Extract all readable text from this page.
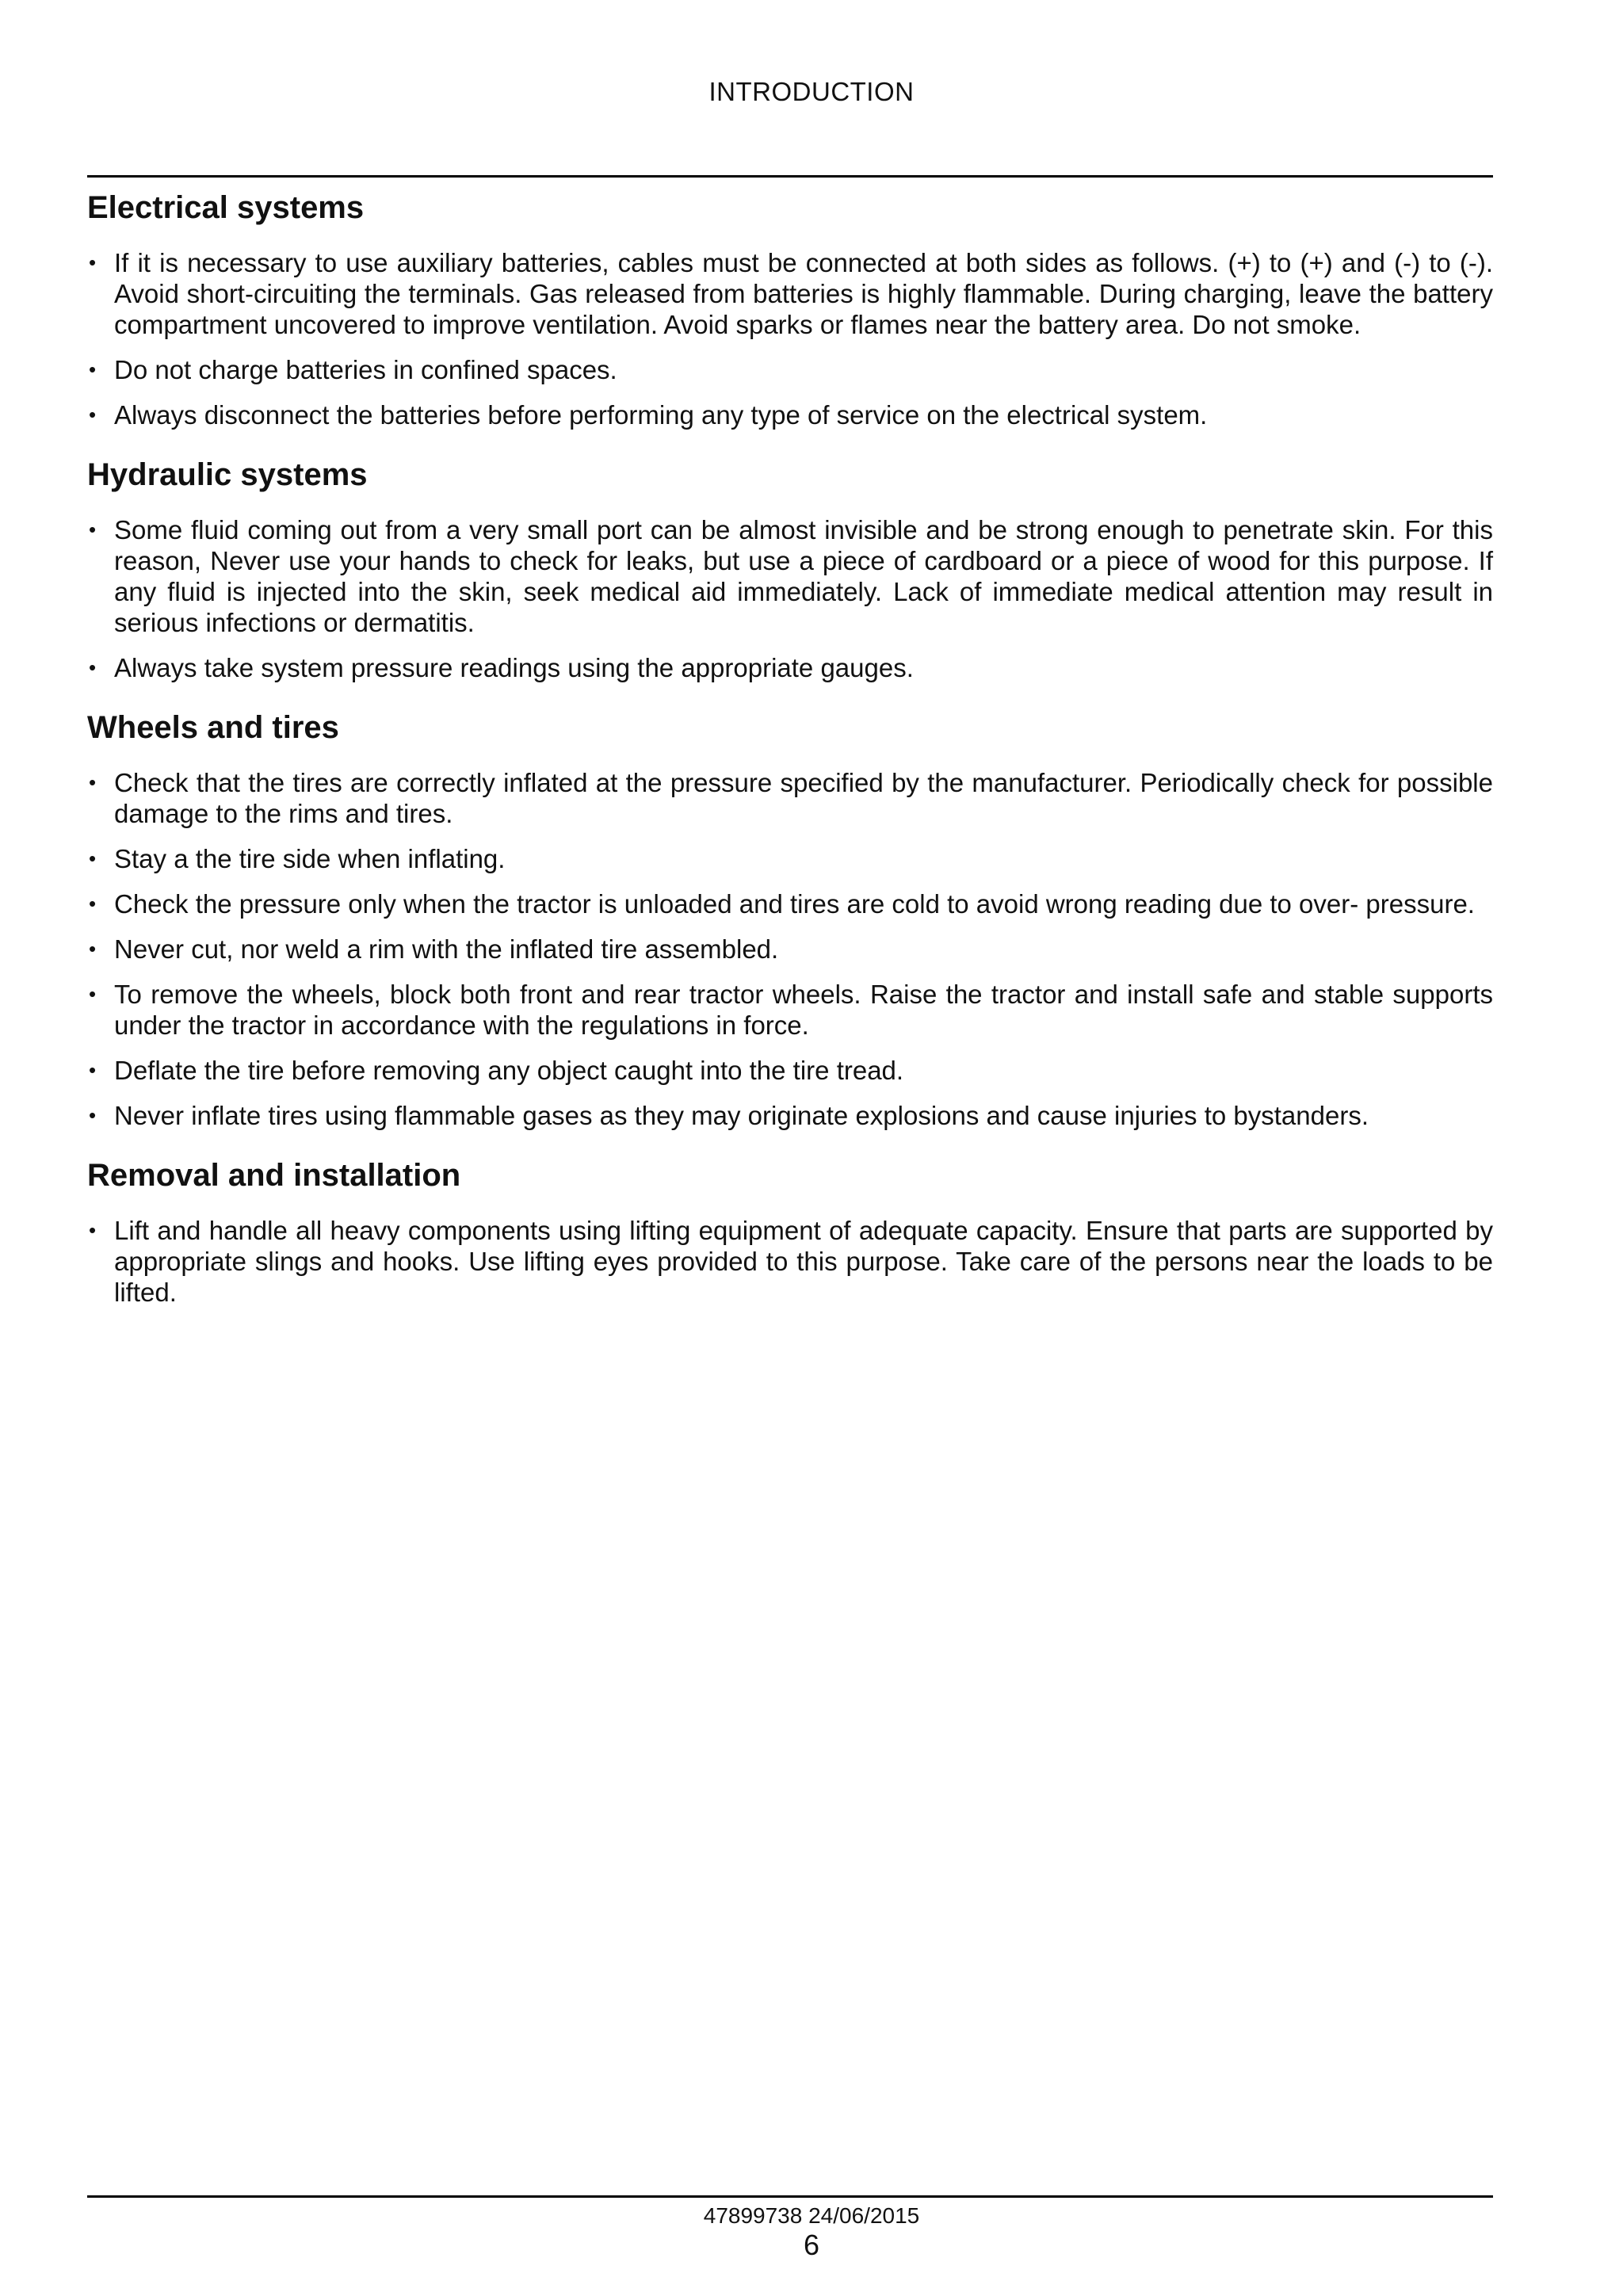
INTRODUCTION
Electrical systems
• If it is necessary to use auxiliary batteries, cables must be connected at both sides as follows. (+) to (+) and (-) to (-). Avoid short-circuiting the terminals. Gas released from batteries is highly flammable. During charging, leave the battery compartment uncovered to improve ventilation. Avoid sparks or flames near the battery area. Do not smoke.
• Do not charge batteries in confined spaces.
• Always disconnect the batteries before performing any type of service on the electrical system.
Hydraulic systems
• Some fluid coming out from a very small port can be almost invisible and be strong enough to penetrate skin. For this reason, Never use your hands to check for leaks, but use a piece of cardboard or a piece of wood for this purpose. If any fluid is injected into the skin, seek medical aid immediately. Lack of immediate medical attention may result in serious infections or dermatitis.
• Always take system pressure readings using the appropriate gauges.
Wheels and tires
• Check that the tires are correctly inflated at the pressure specified by the manufacturer. Periodically check for possible damage to the rims and tires.
• Stay a the tire side when inflating.
• Check the pressure only when the tractor is unloaded and tires are cold to avoid wrong reading due to over- pressure.
• Never cut, nor weld a rim with the inflated tire assembled.
• To remove the wheels, block both front and rear tractor wheels. Raise the tractor and install safe and stable supports under the tractor in accordance with the regulations in force.
• Deflate the tire before removing any object caught into the tire tread.
• Never inflate tires using flammable gases as they may originate explosions and cause injuries to bystanders.
Removal and installation
• Lift and handle all heavy components using lifting equipment of adequate capacity. Ensure that parts are supported by appropriate slings and hooks. Use lifting eyes provided to this purpose. Take care of the persons near the loads to be lifted.
47899738 24/06/2015
6
